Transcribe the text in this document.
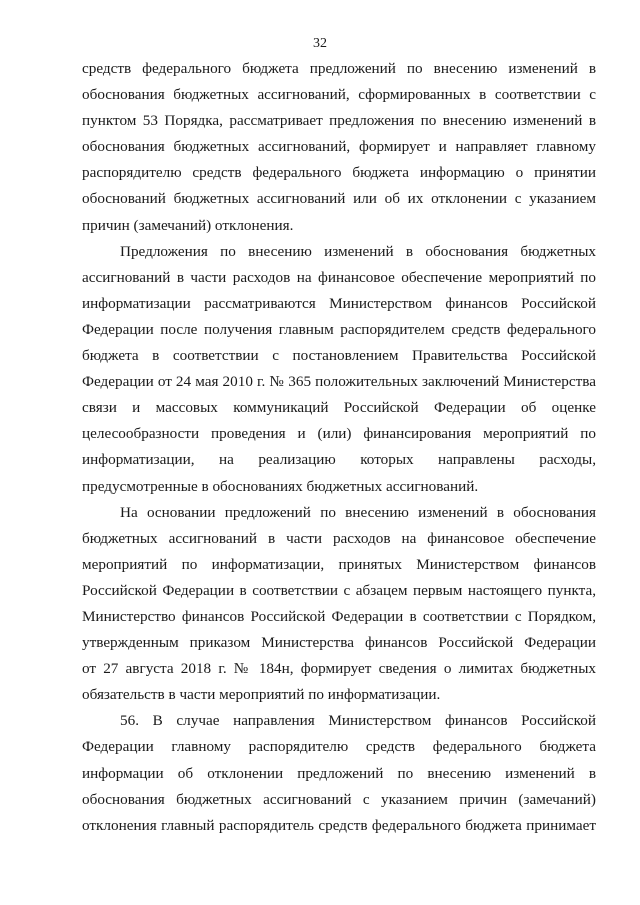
32
средств федерального бюджета предложений по внесению изменений в
обоснования бюджетных ассигнований, сформированных в соответствии с
пунктом 53 Порядка, рассматривает предложения по внесению изменений в
обоснования бюджетных ассигнований, формирует и направляет главному
распорядителю средств федерального бюджета информацию о принятии
обоснований бюджетных ассигнований или об их отклонении с указанием
причин (замечаний) отклонения.
Предложения по внесению изменений в обоснования бюджетных
ассигнований в части расходов на финансовое обеспечение мероприятий по
информатизации рассматриваются Министерством финансов Российской
Федерации после получения главным распорядителем средств федерального
бюджета в соответствии с постановлением Правительства Российской
Федерации от 24 мая 2010 г. № 365 положительных заключений Министерства
связи и массовых коммуникаций Российской Федерации об оценке
целесообразности проведения и (или) финансирования мероприятий по
информатизации, на реализацию которых направлены расходы,
предусмотренные в обоснованиях бюджетных ассигнований.
На основании предложений по внесению изменений в обоснования
бюджетных ассигнований в части расходов на финансовое обеспечение
мероприятий по информатизации, принятых Министерством финансов
Российской Федерации в соответствии с абзацем первым настоящего пункта,
Министерство финансов Российской Федерации в соответствии с Порядком,
утвержденным приказом Министерства финансов Российской Федерации
от 27 августа 2018 г. № 184н, формирует сведения о лимитах бюджетных
обязательств в части мероприятий по информатизации.
56. В случае направления Министерством финансов Российской
Федерации главному распорядителю средств федерального бюджета
информации об отклонении предложений по внесению изменений в
обоснования бюджетных ассигнований с указанием причин (замечаний)
отклонения главный распорядитель средств федерального бюджета принимает
